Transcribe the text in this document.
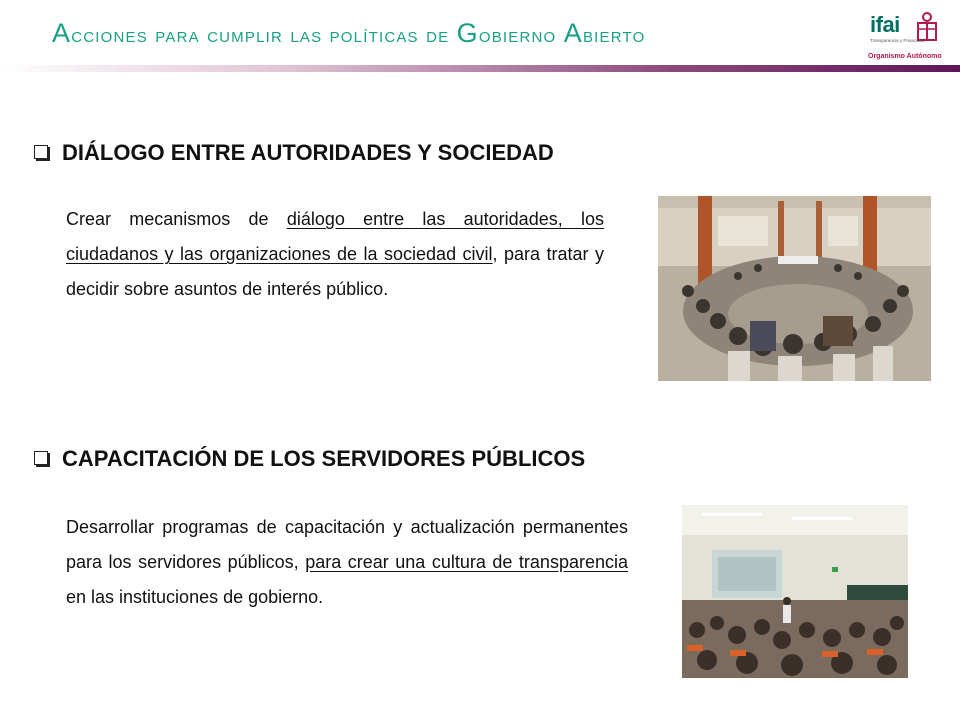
Acciones para cumplir las políticas de Gobierno Abierto	ifai
Transparencia y Privacidad
Organismo Autónomo
DIÁLOGO ENTRE AUTORIDADES Y SOCIEDAD

Crear mecanismos de diálogo entre las autoridades, los ciudadanos y las organizaciones de la sociedad civil, para tratar y decidir sobre asuntos de interés público.

CAPACITACIÓN DE LOS SERVIDORES PÚBLICOS

Desarrollar programas de capacitación y actualización permanentes para los servidores públicos, para crear una cultura de transparencia en las instituciones de gobierno.
